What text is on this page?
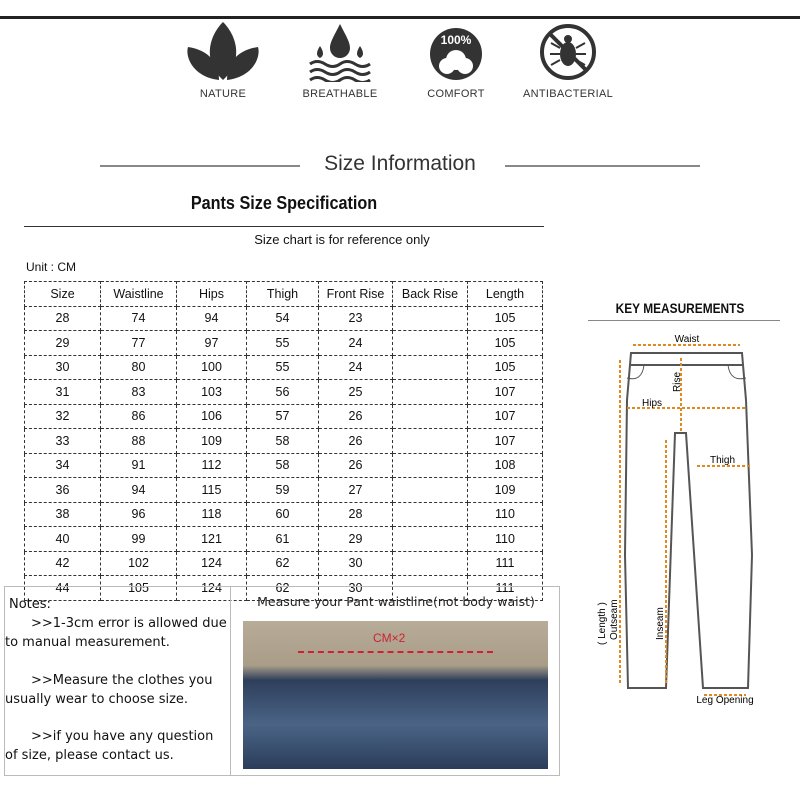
NATURE	BREATHABLE
100%
COMFORT	ANTIBACTERIAL
Size Information
Pants Size Specification
Size chart is for reference only
Unit : CM
Size	Waistline	Hips	Thigh	Front Rise	Back Rise	Length
28	74	94	54	23		105
29	77	97	55	24		105
30	80	100	55	24		105
31	83	103	56	25		107
32	86	106	57	26		107
33	88	109	58	26		107
34	91	112	58	26		108
36	94	115	59	27		109
38	96	118	60	28		110
40	99	121	61	29		110
42	102	124	62	30		111
44	105	124	62	30		111

Notes:

>>1-3cm error is allowed due to manual measurement.

>>Measure the clothes you usually wear to choose size.

>>if you have any question of size, please contact us.

Measure your Pant waistline(not body waist)
CM×2
KEY MEASUREMENTS
Waist
Hips
Thigh
Rise
( Length ) Outseam	Inseam
Leg Opening
